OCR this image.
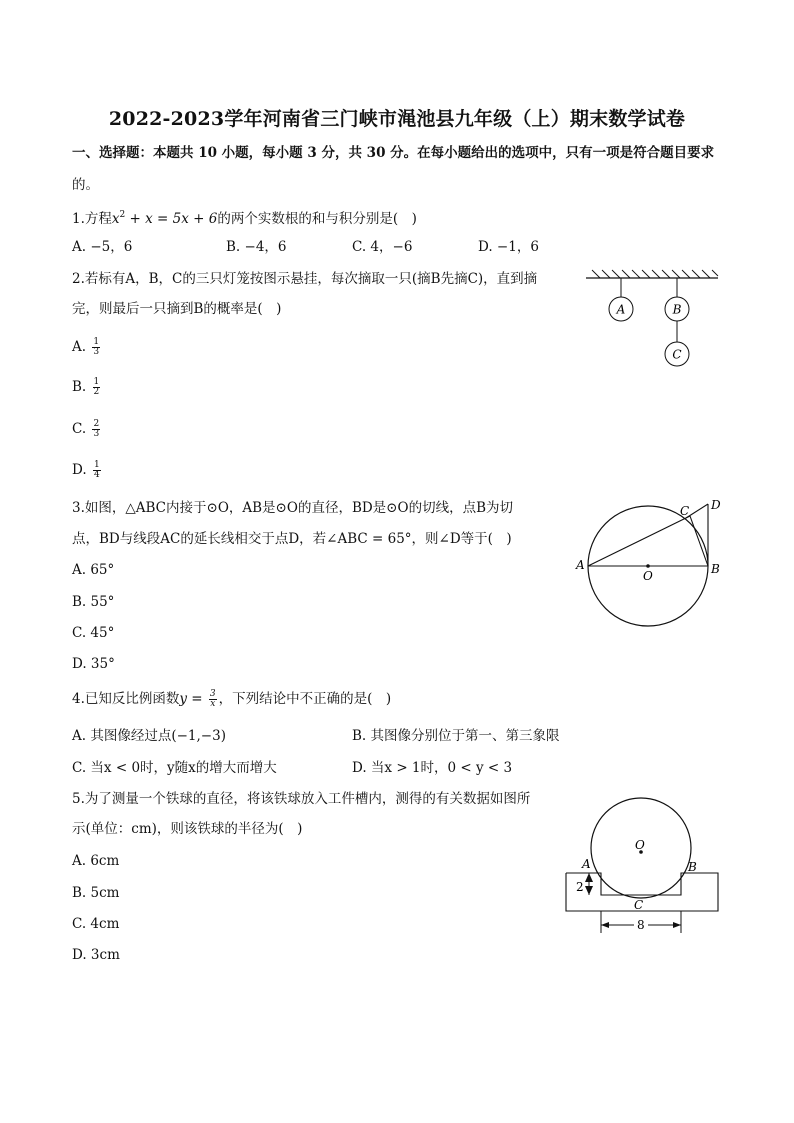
2022-2023学年河南省三门峡市渑池县九年级（上）期末数学试卷
一、选择题：本题共 10 小题，每小题 3 分，共 30 分。在每小题给出的选项中，只有一项是符合题目要求
的。
1.方程$x^2 + x = 5x + 6$的两个实数根的和与积分别是(　)
A. −5，6	B. −4，6	C. 4，−6	D. −1，6
2.若标有A，B，C的三只灯笼按图示悬挂，每次摘取一只(摘B先摘C)，直到摘
完，则最后一只摘到B的概率是(　)
A. $\frac{1}{3}$
B. $\frac{1}{2}$
C. $\frac{2}{3}$
D. $\frac{1}{4}$
A	B
C
3.如图，△ABC内接于⊙O，AB是⊙O的直径，BD是⊙O的切线，点B为切
点，BD与线段AC的延长线相交于点D，若∠ABC = 65°，则∠D等于(　)
A. 65°
B. 55°
C. 45°
D. 35°
A	B
C D
O
4.已知反比例函数$y = \frac{3}{x}$ ，下列结论中不正确的是(　)
A. 其图像经过点(−1,−3)	B. 其图像分别位于第一、第三象限
C. 当x < 0时，y随x的增大而增大	D. 当x > 1时，0 < y < 3
5.为了测量一个铁球的直径，将该铁球放入工件槽内，测得的有关数据如图所
示(单位：cm)，则该铁球的半径为(　)
A. 6cm
B. 5cm
C. 4cm
D. 3cm
O
2
A	B
C
8
